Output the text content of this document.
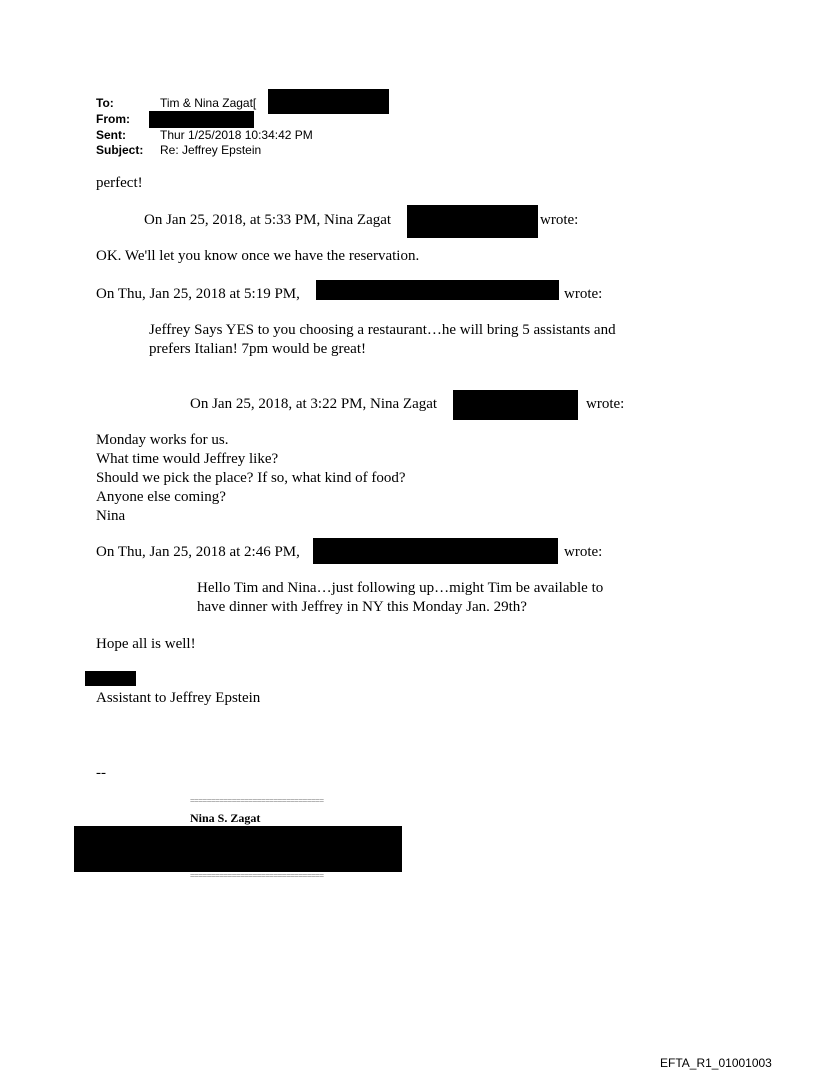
To:	Tim & Nina Zagat[
From:
Sent:	Thur 1/25/2018 10:34:42 PM
Subject: Re: Jeffrey Epstein
perfect!
On Jan 25, 2018, at 5:33 PM, Nina Zagat	wrote:
OK. We'll let you know once we have the reservation.
On Thu, Jan 25, 2018 at 5:19 PM,	wrote:
Jeffrey Says YES to you choosing a restaurant…he will bring 5 assistants and
prefers Italian! 7pm would be great!
On Jan 25, 2018, at 3:22 PM, Nina Zagat	wrote:
Monday works for us.
What time would Jeffrey like?
Should we pick the place? If so, what kind of food?
Anyone else coming?
Nina
On Thu, Jan 25, 2018 at 2:46 PM,	wrote:
Hello Tim and Nina…just following up…might Tim be available to
have dinner with Jeffrey in NY this Monday Jan. 29th?
Hope all is well!
Assistant to Jeffrey Epstein
--
================================
Nina S. Zagat
================================
EFTA_R1_01001003
